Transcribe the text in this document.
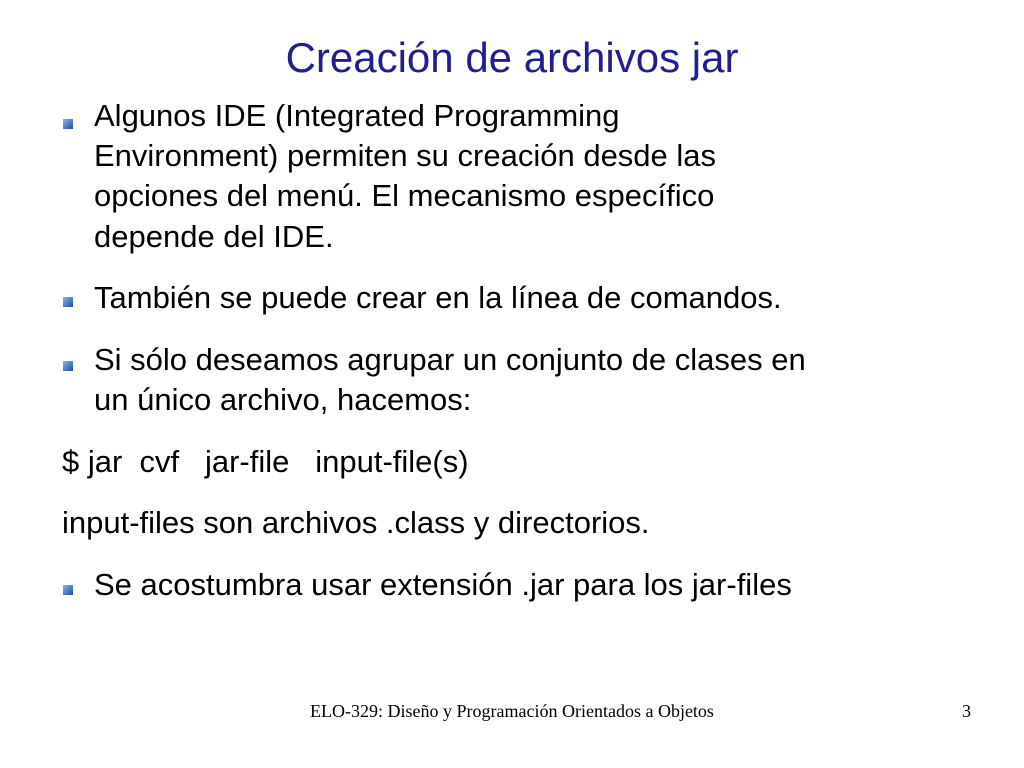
Creación de archivos jar
Algunos IDE (Integrated Programming
Environment) permiten su creación desde las
opciones del menú. El mecanismo específico
depende del IDE.
También se puede crear en la línea de comandos.
Si sólo deseamos agrupar un conjunto de clases en
un único archivo, hacemos:
$ jar  cvf   jar-file   input-file(s)
input-files son archivos .class y directorios.
Se acostumbra usar extensión .jar para los jar-files
ELO-329: Diseño y Programación Orientados a Objetos	3
